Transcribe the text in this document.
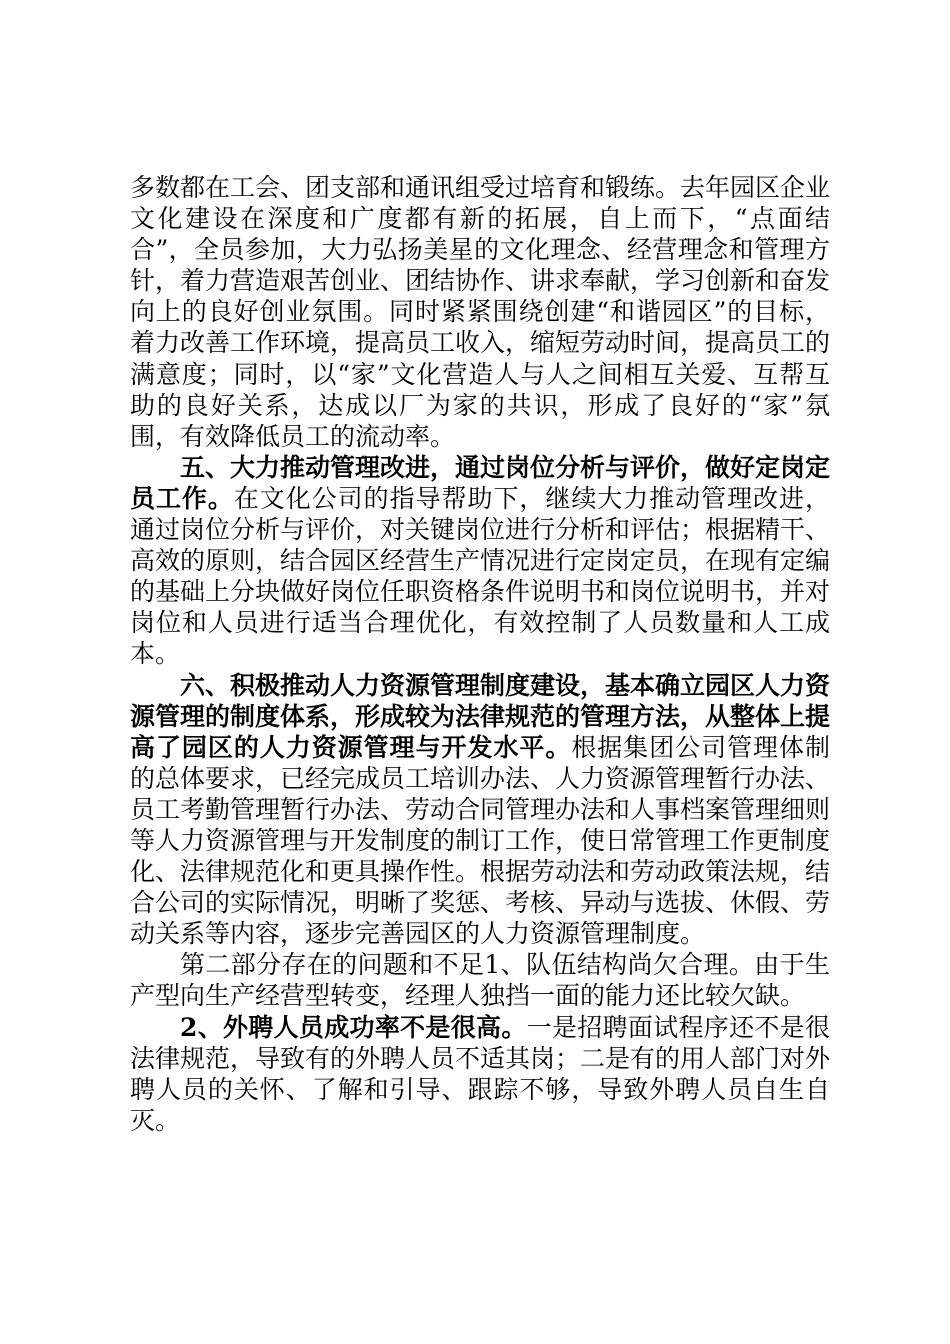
多数都在工会、团支部和通讯组受过培育和锻练。去年园区企业文化建设在深度和广度都有新的拓展，自上而下，“点面结合”，全员参加，大力弘扬美星的文化理念、经营理念和管理方针，着力营造艰苦创业、团结协作、讲求奉献，学习创新和奋发向上的良好创业氛围。同时紧紧围绕创建“和谐园区”的目标，着力改善工作环境，提高员工收入，缩短劳动时间，提高员工的满意度；同时，以“家”文化营造人与人之间相互关爱、互帮互助的良好关系，达成以厂为家的共识，形成了良好的“家”氛围，有效降低员工的流动率。

五、大力推动管理改进，通过岗位分析与评价，做好定岗定员工作。在文化公司的指导帮助下，继续大力推动管理改进，通过岗位分析与评价，对关键岗位进行分析和评估；根据精干、高效的原则，结合园区经营生产情况进行定岗定员，在现有定编的基础上分块做好岗位任职资格条件说明书和岗位说明书，并对岗位和人员进行适当合理优化，有效控制了人员数量和人工成本。

六、积极推动人力资源管理制度建设，基本确立园区人力资源管理的制度体系，形成较为法律规范的管理方法，从整体上提高了园区的人力资源管理与开发水平。根据集团公司管理体制的总体要求，已经完成员工培训办法、人力资源管理暂行办法、员工考勤管理暂行办法、劳动合同管理办法和人事档案管理细则等人力资源管理与开发制度的制订工作，使日常管理工作更制度化、法律规范化和更具操作性。根据劳动法和劳动政策法规，结合公司的实际情况，明晰了奖惩、考核、异动与选拔、休假、劳动关系等内容，逐步完善园区的人力资源管理制度。

第二部分存在的问题和不足1、队伍结构尚欠合理。由于生产型向生产经营型转变，经理人独挡一面的能力还比较欠缺。

2、外聘人员成功率不是很高。一是招聘面试程序还不是很法律规范，导致有的外聘人员不适其岗；二是有的用人部门对外聘人员的关怀、了解和引导、跟踪不够，导致外聘人员自生自灭。
